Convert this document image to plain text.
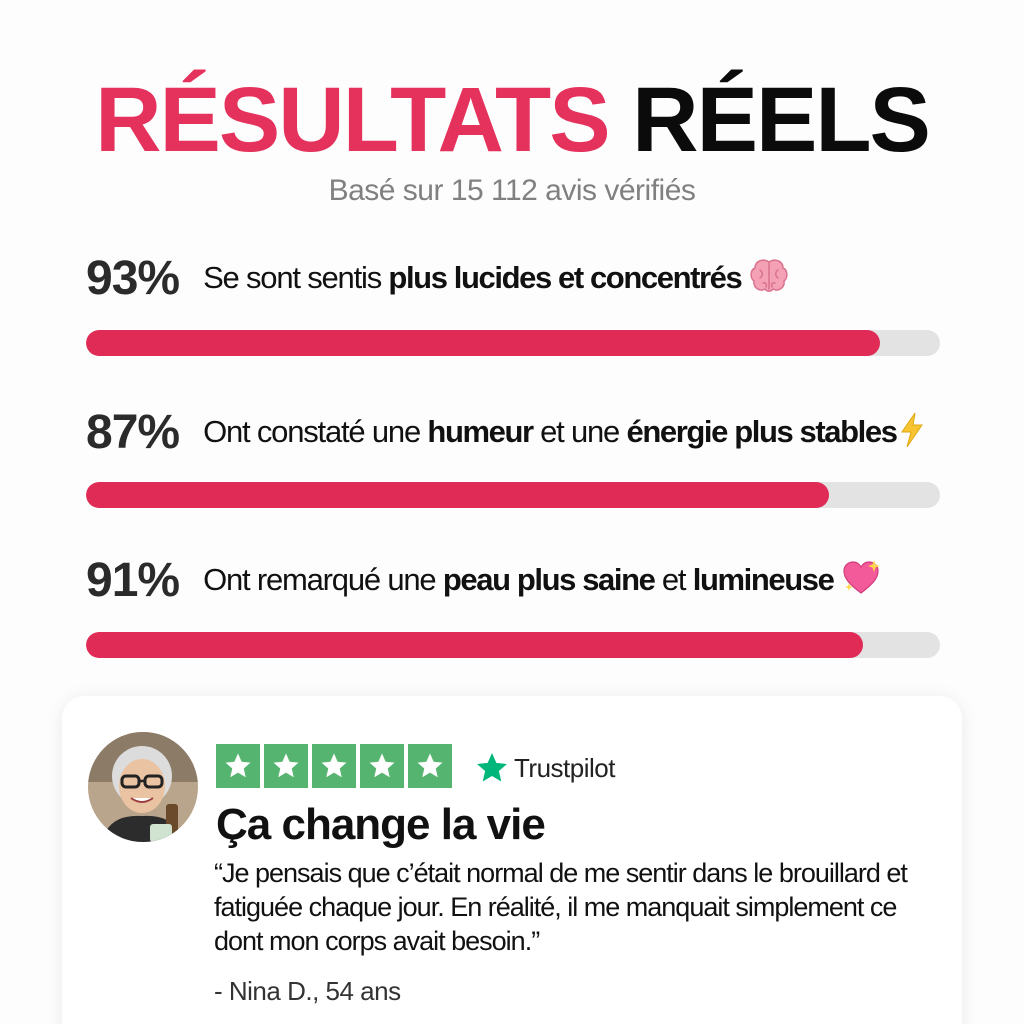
RÉSULTATS RÉELS
Basé sur 15 112 avis vérifiés
93% Se sont sentis plus lucides et concentrés
87% Ont constaté une humeur et une énergie plus stables
91% Ont remarqué une peau plus saine et lumineuse
Trustpilot
Ça change la vie
“Je pensais que c’était normal de me sentir dans le brouillard et fatiguée chaque jour. En réalité, il me manquait simplement ce dont mon corps avait besoin.”
- Nina D., 54 ans
